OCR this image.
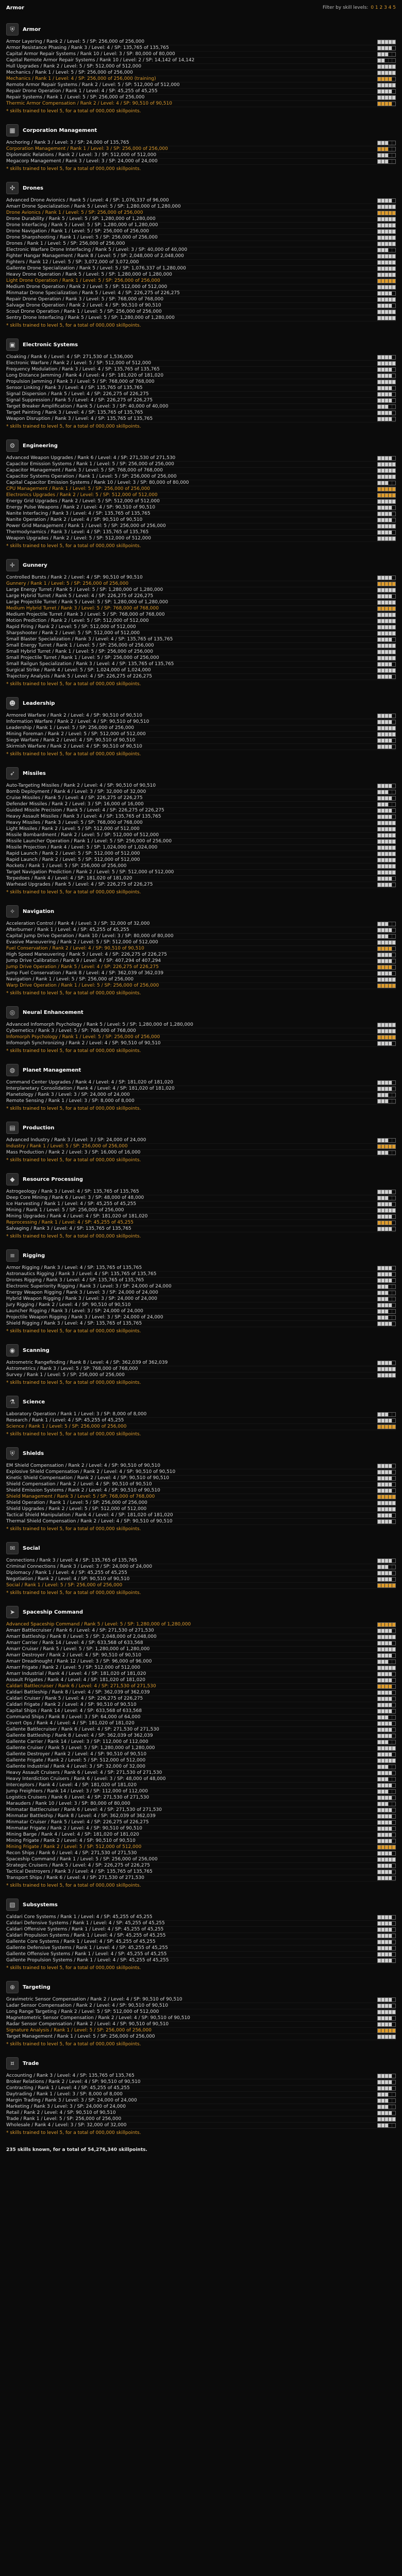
Armor	Filter by skill levels: 0 1 2 3 4 5
⛨	Armor
Armor Layering / Rank 2 / Level: 5 / SP: 256,000 of 256,000
Armor Resistance Phasing / Rank 3 / Level: 4 / SP: 135,765 of 135,765
Capital Armor Repair Systems / Rank 10 / Level: 3 / SP: 80,000 of 80,000
Capital Remote Armor Repair Systems / Rank 10 / Level: 2 / SP: 14,142 of 14,142
Hull Upgrades / Rank 2 / Level: 5 / SP: 512,000 of 512,000
Mechanics / Rank 1 / Level: 5 / SP: 256,000 of 256,000
Mechanics / Rank 1 / Level: 4 / SP: 256,000 of 256,000 (training)
Remote Armor Repair Systems / Rank 2 / Level: 5 / SP: 512,000 of 512,000
Repair Drone Operation / Rank 1 / Level: 4 / SP: 45,255 of 45,255
Repair Systems / Rank 1 / Level: 5 / SP: 256,000 of 256,000
Thermic Armor Compensation / Rank 2 / Level: 4 / SP: 90,510 of 90,510
* skills trained to level 5, for a total of 000,000 skillpoints.
▦	Corporation Management
Anchoring / Rank 3 / Level: 3 / SP: 24,000 of 135,765
Corporation Management / Rank 1 / Level: 3 / SP: 256,000 of 256,000
Diplomatic Relations / Rank 2 / Level: 3 / SP: 512,000 of 512,000
Megacorp Management / Rank 3 / Level: 3 / SP: 24,000 of 24,000
* skills trained to level 5, for a total of 000,000 skillpoints.
✣	Drones
Advanced Drone Avionics / Rank 5 / Level: 4 / SP: 1,076,337 of 96,000
Amarr Drone Specialization / Rank 5 / Level: 5 / SP: 1,280,000 of 1,280,000
Drone Avionics / Rank 1 / Level: 5 / SP: 256,000 of 256,000
Drone Durability / Rank 5 / Level: 5 / SP: 1,280,000 of 1,280,000
Drone Interfacing / Rank 5 / Level: 5 / SP: 1,280,000 of 1,280,000
Drone Navigation / Rank 1 / Level: 5 / SP: 256,000 of 256,000
Drone Sharpshooting / Rank 1 / Level: 5 / SP: 256,000 of 256,000
Drones / Rank 1 / Level: 5 / SP: 256,000 of 256,000
Electronic Warfare Drone Interfacing / Rank 5 / Level: 3 / SP: 40,000 of 40,000
Fighter Hangar Management / Rank 8 / Level: 5 / SP: 2,048,000 of 2,048,000
Fighters / Rank 12 / Level: 5 / SP: 3,072,000 of 3,072,000
Gallente Drone Specialization / Rank 5 / Level: 5 / SP: 1,076,337 of 1,280,000
Heavy Drone Operation / Rank 5 / Level: 5 / SP: 1,280,000 of 1,280,000
Light Drone Operation / Rank 1 / Level: 5 / SP: 256,000 of 256,000
Medium Drone Operation / Rank 2 / Level: 5 / SP: 512,000 of 512,000
Minmatar Drone Specialization / Rank 5 / Level: 4 / SP: 226,275 of 226,275
Repair Drone Operation / Rank 3 / Level: 5 / SP: 768,000 of 768,000
Salvage Drone Operation / Rank 2 / Level: 4 / SP: 90,510 of 90,510
Scout Drone Operation / Rank 1 / Level: 5 / SP: 256,000 of 256,000
Sentry Drone Interfacing / Rank 5 / Level: 5 / SP: 1,280,000 of 1,280,000
* skills trained to level 5, for a total of 000,000 skillpoints.
▣	Electronic Systems
Cloaking / Rank 6 / Level: 4 / SP: 271,530 of 1,536,000
Electronic Warfare / Rank 2 / Level: 5 / SP: 512,000 of 512,000
Frequency Modulation / Rank 3 / Level: 4 / SP: 135,765 of 135,765
Long Distance Jamming / Rank 4 / Level: 4 / SP: 181,020 of 181,020
Propulsion Jamming / Rank 3 / Level: 5 / SP: 768,000 of 768,000
Sensor Linking / Rank 3 / Level: 4 / SP: 135,765 of 135,765
Signal Dispersion / Rank 5 / Level: 4 / SP: 226,275 of 226,275
Signal Suppression / Rank 5 / Level: 4 / SP: 226,275 of 226,275
Target Breaker Amplification / Rank 5 / Level: 3 / SP: 40,000 of 40,000
Target Painting / Rank 3 / Level: 4 / SP: 135,765 of 135,765
Weapon Disruption / Rank 3 / Level: 4 / SP: 135,765 of 135,765
* skills trained to level 5, for a total of 000,000 skillpoints.
⚙	Engineering
Advanced Weapon Upgrades / Rank 6 / Level: 4 / SP: 271,530 of 271,530
Capacitor Emission Systems / Rank 1 / Level: 5 / SP: 256,000 of 256,000
Capacitor Management / Rank 3 / Level: 5 / SP: 768,000 of 768,000
Capacitor Systems Operation / Rank 1 / Level: 5 / SP: 256,000 of 256,000
Capital Capacitor Emission Systems / Rank 10 / Level: 3 / SP: 80,000 of 80,000
CPU Management / Rank 1 / Level: 5 / SP: 256,000 of 256,000
Electronics Upgrades / Rank 2 / Level: 5 / SP: 512,000 of 512,000
Energy Grid Upgrades / Rank 2 / Level: 5 / SP: 512,000 of 512,000
Energy Pulse Weapons / Rank 2 / Level: 4 / SP: 90,510 of 90,510
Nanite Interfacing / Rank 3 / Level: 4 / SP: 135,765 of 135,765
Nanite Operation / Rank 2 / Level: 4 / SP: 90,510 of 90,510
Power Grid Management / Rank 1 / Level: 5 / SP: 256,000 of 256,000
Thermodynamics / Rank 3 / Level: 4 / SP: 135,765 of 135,765
Weapon Upgrades / Rank 2 / Level: 5 / SP: 512,000 of 512,000
* skills trained to level 5, for a total of 000,000 skillpoints.
✛	Gunnery
Controlled Bursts / Rank 2 / Level: 4 / SP: 90,510 of 90,510
Gunnery / Rank 1 / Level: 5 / SP: 256,000 of 256,000
Large Energy Turret / Rank 5 / Level: 5 / SP: 1,280,000 of 1,280,000
Large Hybrid Turret / Rank 5 / Level: 4 / SP: 226,275 of 226,275
Large Projectile Turret / Rank 5 / Level: 5 / SP: 1,280,000 of 1,280,000
Medium Hybrid Turret / Rank 3 / Level: 5 / SP: 768,000 of 768,000
Medium Projectile Turret / Rank 3 / Level: 5 / SP: 768,000 of 768,000
Motion Prediction / Rank 2 / Level: 5 / SP: 512,000 of 512,000
Rapid Firing / Rank 2 / Level: 5 / SP: 512,000 of 512,000
Sharpshooter / Rank 2 / Level: 5 / SP: 512,000 of 512,000
Small Blaster Specialization / Rank 3 / Level: 4 / SP: 135,765 of 135,765
Small Energy Turret / Rank 1 / Level: 5 / SP: 256,000 of 256,000
Small Hybrid Turret / Rank 1 / Level: 5 / SP: 256,000 of 256,000
Small Projectile Turret / Rank 1 / Level: 5 / SP: 256,000 of 256,000
Small Railgun Specialization / Rank 3 / Level: 4 / SP: 135,765 of 135,765
Surgical Strike / Rank 4 / Level: 5 / SP: 1,024,000 of 1,024,000
Trajectory Analysis / Rank 5 / Level: 4 / SP: 226,275 of 226,275
* skills trained to level 5, for a total of 000,000 skillpoints.
☻	Leadership
Armored Warfare / Rank 2 / Level: 4 / SP: 90,510 of 90,510
Information Warfare / Rank 2 / Level: 4 / SP: 90,510 of 90,510
Leadership / Rank 1 / Level: 5 / SP: 256,000 of 256,000
Mining Foreman / Rank 2 / Level: 5 / SP: 512,000 of 512,000
Siege Warfare / Rank 2 / Level: 4 / SP: 90,510 of 90,510
Skirmish Warfare / Rank 2 / Level: 4 / SP: 90,510 of 90,510
* skills trained to level 5, for a total of 000,000 skillpoints.
➶	Missiles
Auto-Targeting Missiles / Rank 2 / Level: 4 / SP: 90,510 of 90,510
Bomb Deployment / Rank 4 / Level: 3 / SP: 32,000 of 32,000
Cruise Missiles / Rank 5 / Level: 4 / SP: 226,275 of 226,275
Defender Missiles / Rank 2 / Level: 3 / SP: 16,000 of 16,000
Guided Missile Precision / Rank 5 / Level: 4 / SP: 226,275 of 226,275
Heavy Assault Missiles / Rank 3 / Level: 4 / SP: 135,765 of 135,765
Heavy Missiles / Rank 3 / Level: 5 / SP: 768,000 of 768,000
Light Missiles / Rank 2 / Level: 5 / SP: 512,000 of 512,000
Missile Bombardment / Rank 2 / Level: 5 / SP: 512,000 of 512,000
Missile Launcher Operation / Rank 1 / Level: 5 / SP: 256,000 of 256,000
Missile Projection / Rank 4 / Level: 5 / SP: 1,024,000 of 1,024,000
Rapid Launch / Rank 2 / Level: 5 / SP: 512,000 of 512,000
Rapid Launch / Rank 2 / Level: 5 / SP: 512,000 of 512,000
Rockets / Rank 1 / Level: 5 / SP: 256,000 of 256,000
Target Navigation Prediction / Rank 2 / Level: 5 / SP: 512,000 of 512,000
Torpedoes / Rank 4 / Level: 4 / SP: 181,020 of 181,020
Warhead Upgrades / Rank 5 / Level: 4 / SP: 226,275 of 226,275
* skills trained to level 5, for a total of 000,000 skillpoints.
✧	Navigation
Acceleration Control / Rank 4 / Level: 3 / SP: 32,000 of 32,000
Afterburner / Rank 1 / Level: 4 / SP: 45,255 of 45,255
Capital Jump Drive Operation / Rank 10 / Level: 3 / SP: 80,000 of 80,000
Evasive Maneuvering / Rank 2 / Level: 5 / SP: 512,000 of 512,000
Fuel Conservation / Rank 2 / Level: 4 / SP: 90,510 of 90,510
High Speed Maneuvering / Rank 5 / Level: 4 / SP: 226,275 of 226,275
Jump Drive Calibration / Rank 9 / Level: 4 / SP: 407,294 of 407,294
Jump Drive Operation / Rank 5 / Level: 4 / SP: 226,275 of 226,275
Jump Fuel Conservation / Rank 8 / Level: 4 / SP: 362,039 of 362,039
Navigation / Rank 1 / Level: 5 / SP: 256,000 of 256,000
Warp Drive Operation / Rank 1 / Level: 5 / SP: 256,000 of 256,000
* skills trained to level 5, for a total of 000,000 skillpoints.
◎	Neural Enhancement
Advanced Infomorph Psychology / Rank 5 / Level: 5 / SP: 1,280,000 of 1,280,000
Cybernetics / Rank 3 / Level: 5 / SP: 768,000 of 768,000
Infomorph Psychology / Rank 1 / Level: 5 / SP: 256,000 of 256,000
Infomorph Synchronizing / Rank 2 / Level: 4 / SP: 90,510 of 90,510
* skills trained to level 5, for a total of 000,000 skillpoints.
◍	Planet Management
Command Center Upgrades / Rank 4 / Level: 4 / SP: 181,020 of 181,020
Interplanetary Consolidation / Rank 4 / Level: 4 / SP: 181,020 of 181,020
Planetology / Rank 3 / Level: 3 / SP: 24,000 of 24,000
Remote Sensing / Rank 1 / Level: 3 / SP: 8,000 of 8,000
* skills trained to level 5, for a total of 000,000 skillpoints.
▤	Production
Advanced Industry / Rank 3 / Level: 3 / SP: 24,000 of 24,000
Industry / Rank 1 / Level: 5 / SP: 256,000 of 256,000
Mass Production / Rank 2 / Level: 3 / SP: 16,000 of 16,000
* skills trained to level 5, for a total of 000,000 skillpoints.
◆	Resource Processing
Astrogeology / Rank 3 / Level: 4 / SP: 135,765 of 135,765
Deep Core Mining / Rank 6 / Level: 3 / SP: 48,000 of 48,000
Ice Harvesting / Rank 1 / Level: 4 / SP: 45,255 of 45,255
Mining / Rank 1 / Level: 5 / SP: 256,000 of 256,000
Mining Upgrades / Rank 4 / Level: 4 / SP: 181,020 of 181,020
Reprocessing / Rank 1 / Level: 4 / SP: 45,255 of 45,255
Salvaging / Rank 3 / Level: 4 / SP: 135,765 of 135,765
* skills trained to level 5, for a total of 000,000 skillpoints.
≡	Rigging
Armor Rigging / Rank 3 / Level: 4 / SP: 135,765 of 135,765
Astronautics Rigging / Rank 3 / Level: 4 / SP: 135,765 of 135,765
Drones Rigging / Rank 3 / Level: 4 / SP: 135,765 of 135,765
Electronic Superiority Rigging / Rank 3 / Level: 3 / SP: 24,000 of 24,000
Energy Weapon Rigging / Rank 3 / Level: 3 / SP: 24,000 of 24,000
Hybrid Weapon Rigging / Rank 3 / Level: 3 / SP: 24,000 of 24,000
Jury Rigging / Rank 2 / Level: 4 / SP: 90,510 of 90,510
Launcher Rigging / Rank 3 / Level: 3 / SP: 24,000 of 24,000
Projectile Weapon Rigging / Rank 3 / Level: 3 / SP: 24,000 of 24,000
Shield Rigging / Rank 3 / Level: 4 / SP: 135,765 of 135,765
* skills trained to level 5, for a total of 000,000 skillpoints.
◉	Scanning
Astrometric Rangefinding / Rank 8 / Level: 4 / SP: 362,039 of 362,039
Astrometrics / Rank 3 / Level: 5 / SP: 768,000 of 768,000
Survey / Rank 1 / Level: 5 / SP: 256,000 of 256,000
* skills trained to level 5, for a total of 000,000 skillpoints.
⚗	Science
Laboratory Operation / Rank 1 / Level: 3 / SP: 8,000 of 8,000
Research / Rank 1 / Level: 4 / SP: 45,255 of 45,255
Science / Rank 1 / Level: 5 / SP: 256,000 of 256,000
* skills trained to level 5, for a total of 000,000 skillpoints.
⛨	Shields
EM Shield Compensation / Rank 2 / Level: 4 / SP: 90,510 of 90,510
Explosive Shield Compensation / Rank 2 / Level: 4 / SP: 90,510 of 90,510
Kinetic Shield Compensation / Rank 2 / Level: 4 / SP: 90,510 of 90,510
Shield Compensation / Rank 2 / Level: 4 / SP: 90,510 of 90,510
Shield Emission Systems / Rank 2 / Level: 4 / SP: 90,510 of 90,510
Shield Management / Rank 3 / Level: 5 / SP: 768,000 of 768,000
Shield Operation / Rank 1 / Level: 5 / SP: 256,000 of 256,000
Shield Upgrades / Rank 2 / Level: 5 / SP: 512,000 of 512,000
Tactical Shield Manipulation / Rank 4 / Level: 4 / SP: 181,020 of 181,020
Thermal Shield Compensation / Rank 2 / Level: 4 / SP: 90,510 of 90,510
* skills trained to level 5, for a total of 000,000 skillpoints.
✉	Social
Connections / Rank 3 / Level: 4 / SP: 135,765 of 135,765
Criminal Connections / Rank 3 / Level: 3 / SP: 24,000 of 24,000
Diplomacy / Rank 1 / Level: 4 / SP: 45,255 of 45,255
Negotiation / Rank 2 / Level: 4 / SP: 90,510 of 90,510
Social / Rank 1 / Level: 5 / SP: 256,000 of 256,000
* skills trained to level 5, for a total of 000,000 skillpoints.
➤	Spaceship Command
Advanced Spaceship Command / Rank 5 / Level: 5 / SP: 1,280,000 of 1,280,000
Amarr Battlecruiser / Rank 6 / Level: 4 / SP: 271,530 of 271,530
Amarr Battleship / Rank 8 / Level: 5 / SP: 2,048,000 of 2,048,000
Amarr Carrier / Rank 14 / Level: 4 / SP: 633,568 of 633,568
Amarr Cruiser / Rank 5 / Level: 5 / SP: 1,280,000 of 1,280,000
Amarr Destroyer / Rank 2 / Level: 4 / SP: 90,510 of 90,510
Amarr Dreadnought / Rank 12 / Level: 3 / SP: 96,000 of 96,000
Amarr Frigate / Rank 2 / Level: 5 / SP: 512,000 of 512,000
Amarr Industrial / Rank 4 / Level: 4 / SP: 181,020 of 181,020
Assault Frigates / Rank 4 / Level: 4 / SP: 181,020 of 181,020
Caldari Battlecruiser / Rank 6 / Level: 4 / SP: 271,530 of 271,530
Caldari Battleship / Rank 8 / Level: 4 / SP: 362,039 of 362,039
Caldari Cruiser / Rank 5 / Level: 4 / SP: 226,275 of 226,275
Caldari Frigate / Rank 2 / Level: 4 / SP: 90,510 of 90,510
Capital Ships / Rank 14 / Level: 4 / SP: 633,568 of 633,568
Command Ships / Rank 8 / Level: 3 / SP: 64,000 of 64,000
Covert Ops / Rank 4 / Level: 4 / SP: 181,020 of 181,020
Gallente Battlecruiser / Rank 6 / Level: 4 / SP: 271,530 of 271,530
Gallente Battleship / Rank 8 / Level: 4 / SP: 362,039 of 362,039
Gallente Carrier / Rank 14 / Level: 3 / SP: 112,000 of 112,000
Gallente Cruiser / Rank 5 / Level: 5 / SP: 1,280,000 of 1,280,000
Gallente Destroyer / Rank 2 / Level: 4 / SP: 90,510 of 90,510
Gallente Frigate / Rank 2 / Level: 5 / SP: 512,000 of 512,000
Gallente Industrial / Rank 4 / Level: 3 / SP: 32,000 of 32,000
Heavy Assault Cruisers / Rank 6 / Level: 4 / SP: 271,530 of 271,530
Heavy Interdiction Cruisers / Rank 6 / Level: 3 / SP: 48,000 of 48,000
Interceptors / Rank 4 / Level: 4 / SP: 181,020 of 181,020
Jump Freighters / Rank 14 / Level: 3 / SP: 112,000 of 112,000
Logistics Cruisers / Rank 6 / Level: 4 / SP: 271,530 of 271,530
Marauders / Rank 10 / Level: 3 / SP: 80,000 of 80,000
Minmatar Battlecruiser / Rank 6 / Level: 4 / SP: 271,530 of 271,530
Minmatar Battleship / Rank 8 / Level: 4 / SP: 362,039 of 362,039
Minmatar Cruiser / Rank 5 / Level: 4 / SP: 226,275 of 226,275
Minmatar Frigate / Rank 2 / Level: 4 / SP: 90,510 of 90,510
Mining Barge / Rank 4 / Level: 4 / SP: 181,020 of 181,020
Mining Frigate / Rank 2 / Level: 4 / SP: 90,510 of 90,510
Mining Frigate / Rank 2 / Level: 5 / SP: 512,000 of 512,000
Recon Ships / Rank 6 / Level: 4 / SP: 271,530 of 271,530
Spaceship Command / Rank 1 / Level: 5 / SP: 256,000 of 256,000
Strategic Cruisers / Rank 5 / Level: 4 / SP: 226,275 of 226,275
Tactical Destroyers / Rank 3 / Level: 4 / SP: 135,765 of 135,765
Transport Ships / Rank 6 / Level: 4 / SP: 271,530 of 271,530
* skills trained to level 5, for a total of 000,000 skillpoints.
▧	Subsystems
Caldari Core Systems / Rank 1 / Level: 4 / SP: 45,255 of 45,255
Caldari Defensive Systems / Rank 1 / Level: 4 / SP: 45,255 of 45,255
Caldari Offensive Systems / Rank 1 / Level: 4 / SP: 45,255 of 45,255
Caldari Propulsion Systems / Rank 1 / Level: 4 / SP: 45,255 of 45,255
Gallente Core Systems / Rank 1 / Level: 4 / SP: 45,255 of 45,255
Gallente Defensive Systems / Rank 1 / Level: 4 / SP: 45,255 of 45,255
Gallente Offensive Systems / Rank 1 / Level: 4 / SP: 45,255 of 45,255
Gallente Propulsion Systems / Rank 1 / Level: 4 / SP: 45,255 of 45,255
* skills trained to level 5, for a total of 000,000 skillpoints.
⊕	Targeting
Gravimetric Sensor Compensation / Rank 2 / Level: 4 / SP: 90,510 of 90,510
Ladar Sensor Compensation / Rank 2 / Level: 4 / SP: 90,510 of 90,510
Long Range Targeting / Rank 2 / Level: 5 / SP: 512,000 of 512,000
Magnetometric Sensor Compensation / Rank 2 / Level: 4 / SP: 90,510 of 90,510
Radar Sensor Compensation / Rank 2 / Level: 4 / SP: 90,510 of 90,510
Signature Analysis / Rank 1 / Level: 5 / SP: 256,000 of 256,000
Target Management / Rank 1 / Level: 5 / SP: 256,000 of 256,000
* skills trained to level 5, for a total of 000,000 skillpoints.
¤	Trade
Accounting / Rank 3 / Level: 4 / SP: 135,765 of 135,765
Broker Relations / Rank 2 / Level: 4 / SP: 90,510 of 90,510
Contracting / Rank 1 / Level: 4 / SP: 45,255 of 45,255
Daytrading / Rank 1 / Level: 3 / SP: 8,000 of 8,000
Margin Trading / Rank 3 / Level: 3 / SP: 24,000 of 24,000
Marketing / Rank 3 / Level: 3 / SP: 24,000 of 24,000
Retail / Rank 2 / Level: 4 / SP: 90,510 of 90,510
Trade / Rank 1 / Level: 5 / SP: 256,000 of 256,000
Wholesale / Rank 4 / Level: 3 / SP: 32,000 of 32,000
* skills trained to level 5, for a total of 000,000 skillpoints.
235 skills known, for a total of 54,276,340 skillpoints.
